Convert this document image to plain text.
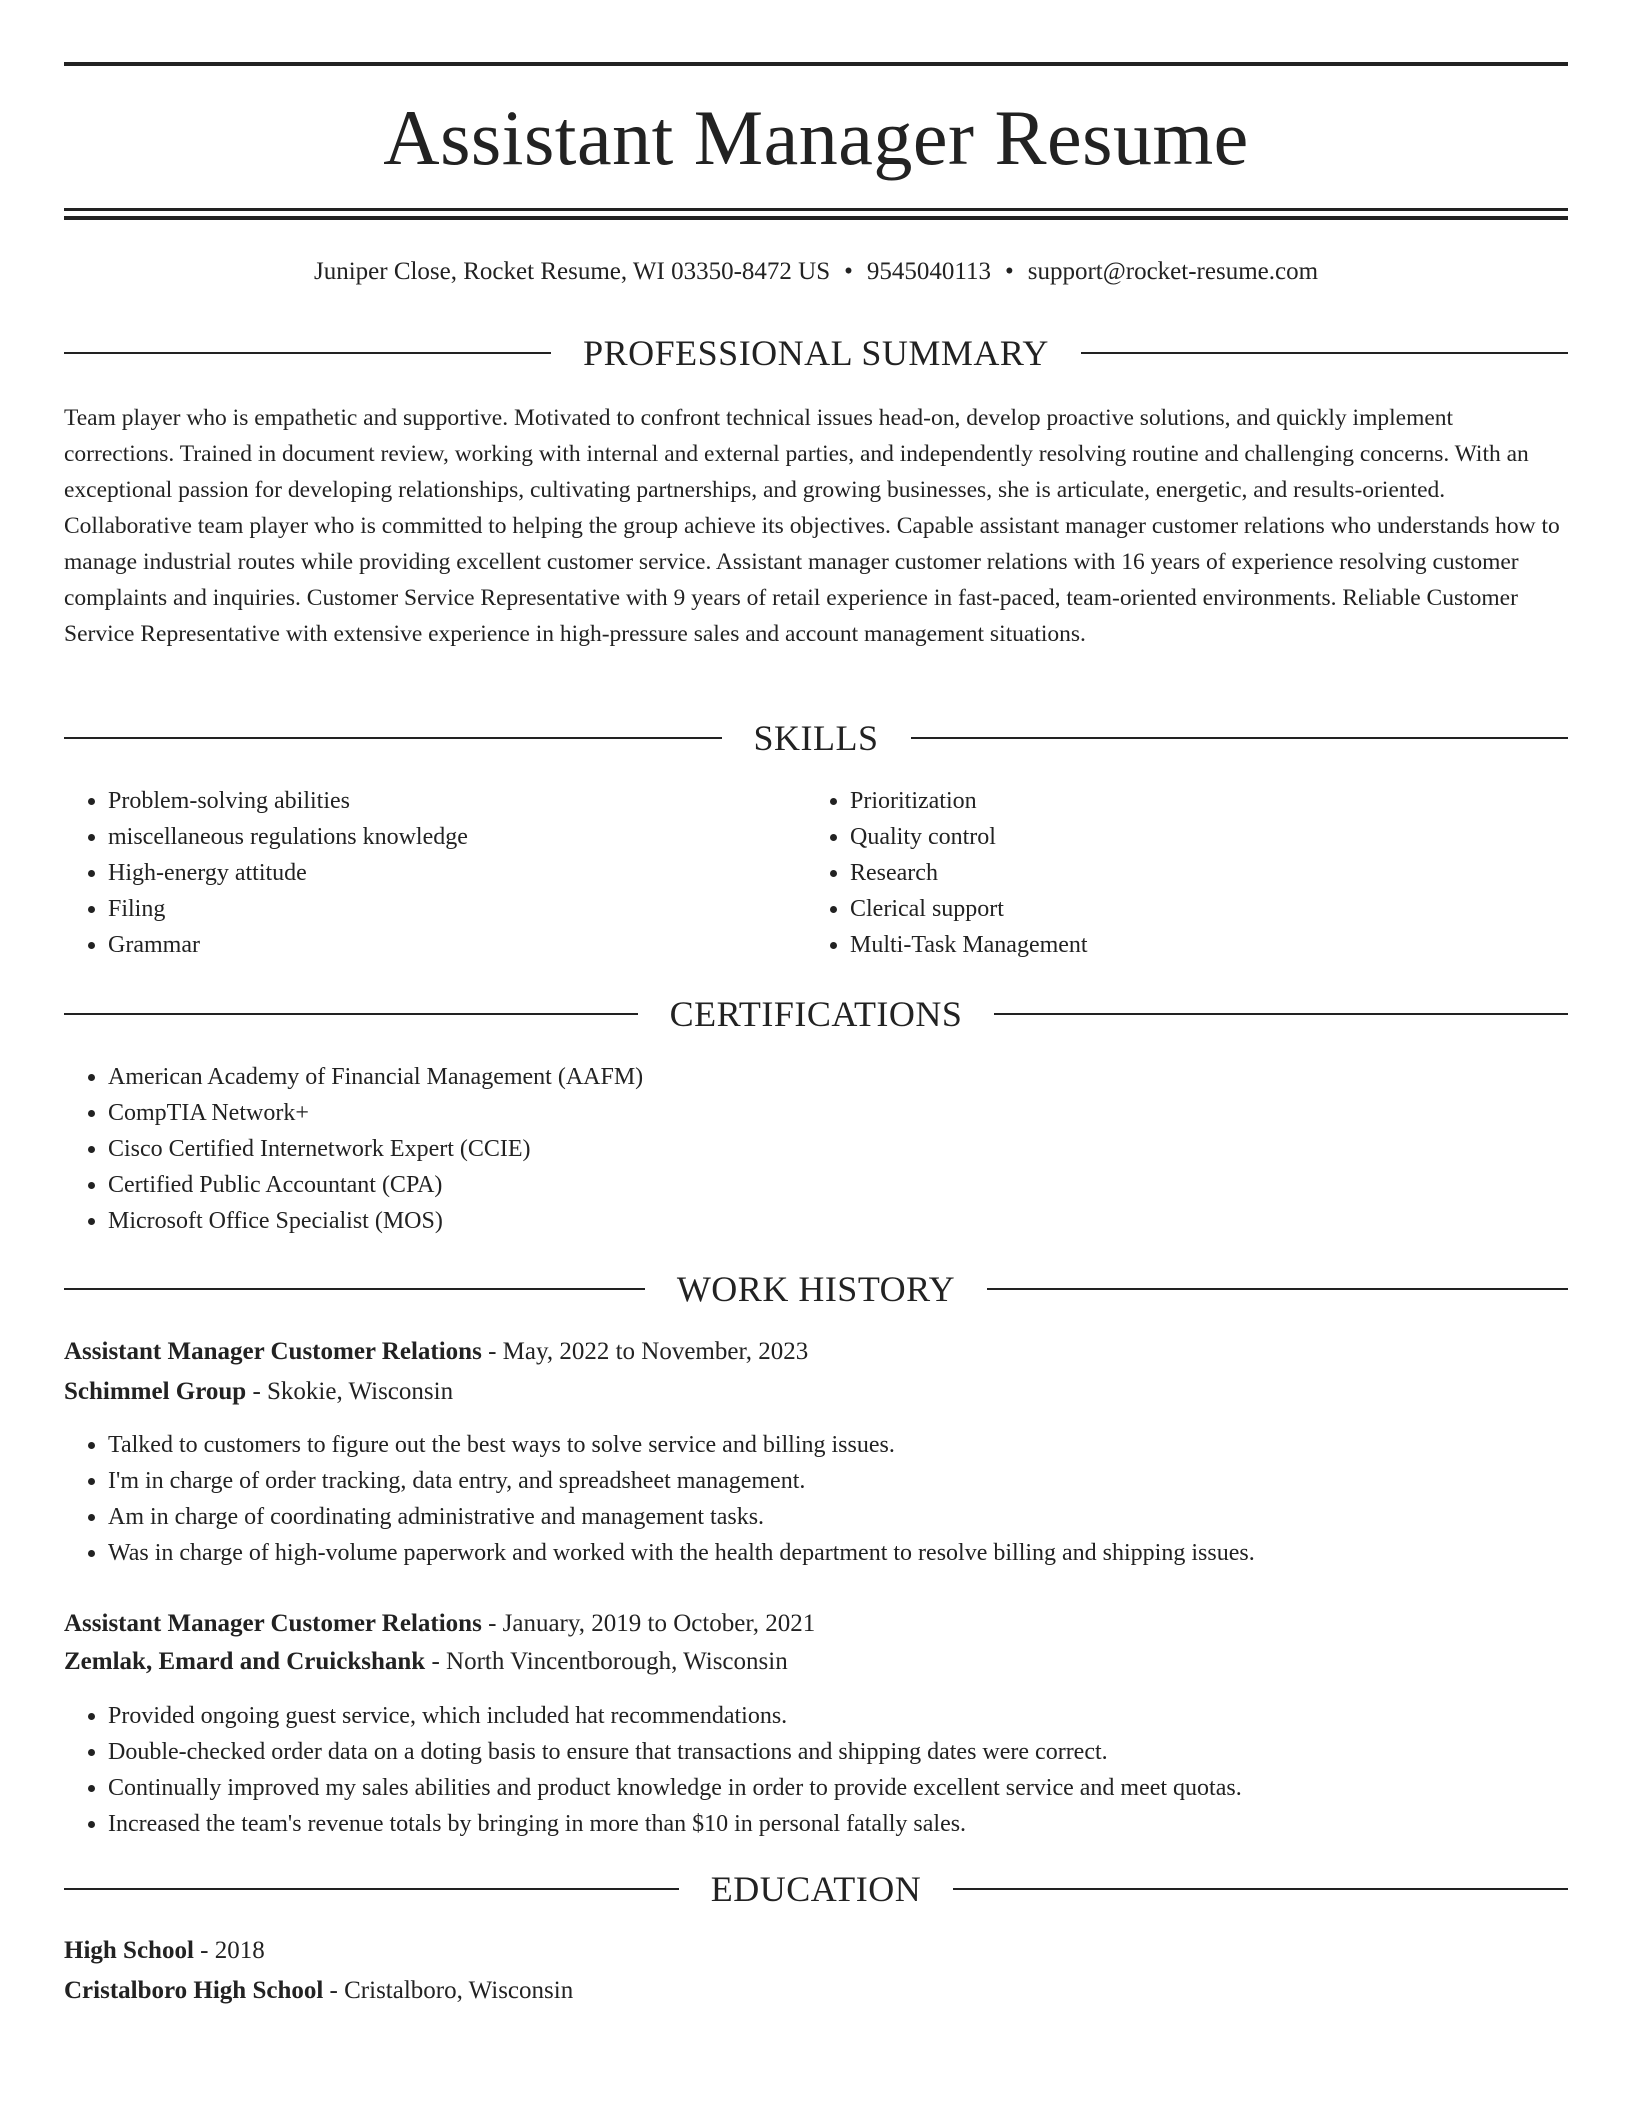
Assistant Manager Resume
Juniper Close, Rocket Resume, WI 03350-8472 US • 9545040113 • support@rocket-resume.com
PROFESSIONAL SUMMARY

Team player who is empathetic and supportive. Motivated to confront technical issues head-on, develop proactive solutions, and quickly implement corrections. Trained in document review, working with internal and external parties, and independently resolving routine and challenging concerns. With an exceptional passion for developing relationships, cultivating partnerships, and growing businesses, she is articulate, energetic, and results-oriented. Collaborative team player who is committed to helping the group achieve its objectives. Capable assistant manager customer relations who understands how to manage industrial routes while providing excellent customer service. Assistant manager customer relations with 16 years of experience resolving customer complaints and inquiries. Customer Service Representative with 9 years of retail experience in fast-paced, team-oriented environments. Reliable Customer Service Representative with extensive experience in high-pressure sales and account management situations.

SKILLS
• Problem-solving abilities
• miscellaneous regulations knowledge
• High-energy attitude
• Filing
• Grammar
• Prioritization
• Quality control
• Research
• Clerical support
• Multi-Task Management
CERTIFICATIONS
• American Academy of Financial Management (AAFM)
• CompTIA Network+
• Cisco Certified Internetwork Expert (CCIE)
• Certified Public Accountant (CPA)
• Microsoft Office Specialist (MOS)
WORK HISTORY
Assistant Manager Customer Relations - May, 2022 to November, 2023
Schimmel Group - Skokie, Wisconsin
• Talked to customers to figure out the best ways to solve service and billing issues.
• I'm in charge of order tracking, data entry, and spreadsheet management.
• Am in charge of coordinating administrative and management tasks.
• Was in charge of high-volume paperwork and worked with the health department to resolve billing and shipping issues.
Assistant Manager Customer Relations - January, 2019 to October, 2021
Zemlak, Emard and Cruickshank - North Vincentborough, Wisconsin
• Provided ongoing guest service, which included hat recommendations.
• Double-checked order data on a doting basis to ensure that transactions and shipping dates were correct.
• Continually improved my sales abilities and product knowledge in order to provide excellent service and meet quotas.
• Increased the team's revenue totals by bringing in more than $10 in personal fatally sales.
EDUCATION
High School - 2018
Cristalboro High School - Cristalboro, Wisconsin
